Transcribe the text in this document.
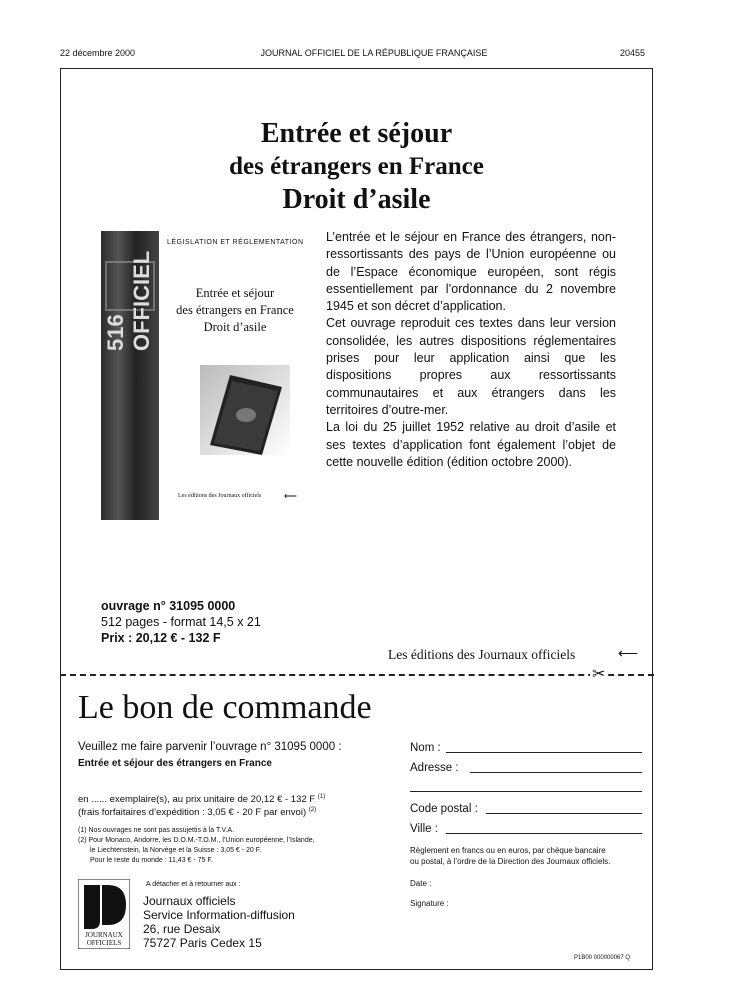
22 décembre 2000	JOURNAL OFFICIEL DE LA RÉPUBLIQUE FRANÇAISE	20455
Entrée et séjour
des étrangers en France
Droit d’asile
516 OFFICIEL
LÉGISLATION ET RÉGLEMENTATION
Entrée et séjour
des étrangers en France
Droit d’asile
Les éditions des Journaux officiels	⟵

L’entrée et le séjour en France des étrangers, non-ressortissants des pays de l’Union européenne ou de l’Espace économique européen, sont régis essentiellement par l’ordonnance du 2 novembre 1945 et son décret d’application.

Cet ouvrage reproduit ces textes dans leur version consolidée, les autres dispositions réglementaires prises pour leur application ainsi que les dispositions propres aux ressortissants communautaires et aux étrangers dans les territoires d’outre-mer.

La loi du 25 juillet 1952 relative au droit d’asile et ses textes d’application font également l’objet de cette nouvelle édition (édition octobre 2000).

ouvrage n° 31095 0000
512 pages - format 14,5 x 21
Prix : 20,12 € - 132 F
Les éditions des Journaux officiels	⟵
✂
Le bon de commande
Veuillez me faire parvenir l’ouvrage n° 31095 0000 :
Entrée et séjour des étrangers en France
en ...... exemplaire(s), au prix unitaire de 20,12 € - 132 F $^{(1)}$
(frais forfaitaires d’expédition : 3,05 € - 20 F par envoi) $^{(2)}$
(1) Nos ouvrages ne sont pas assujettis à la T.V.A.
(2) Pour Monaco, Andorre, les D.O.M.-T.O.M., l’Union européenne, l’Islande,
le Liechtenstein, la Norvège et la Suisse : 3,05 € - 20 F.
Pour le reste du monde : 11,43 € - 75 F.
A détacher et à retourner aux :
JOURNAUX
OFFICIELS
Journaux officiels
Service Information-diffusion
26, rue Desaix
75727 Paris Cedex 15
Nom :
Adresse :
Code postal :
Ville :
Règlement en francs ou en euros, par chèque bancaire
ou postal, à l’ordre de la Direction des Journaux officiels.
Date :
Signature :
P1B00 000000067 Q
